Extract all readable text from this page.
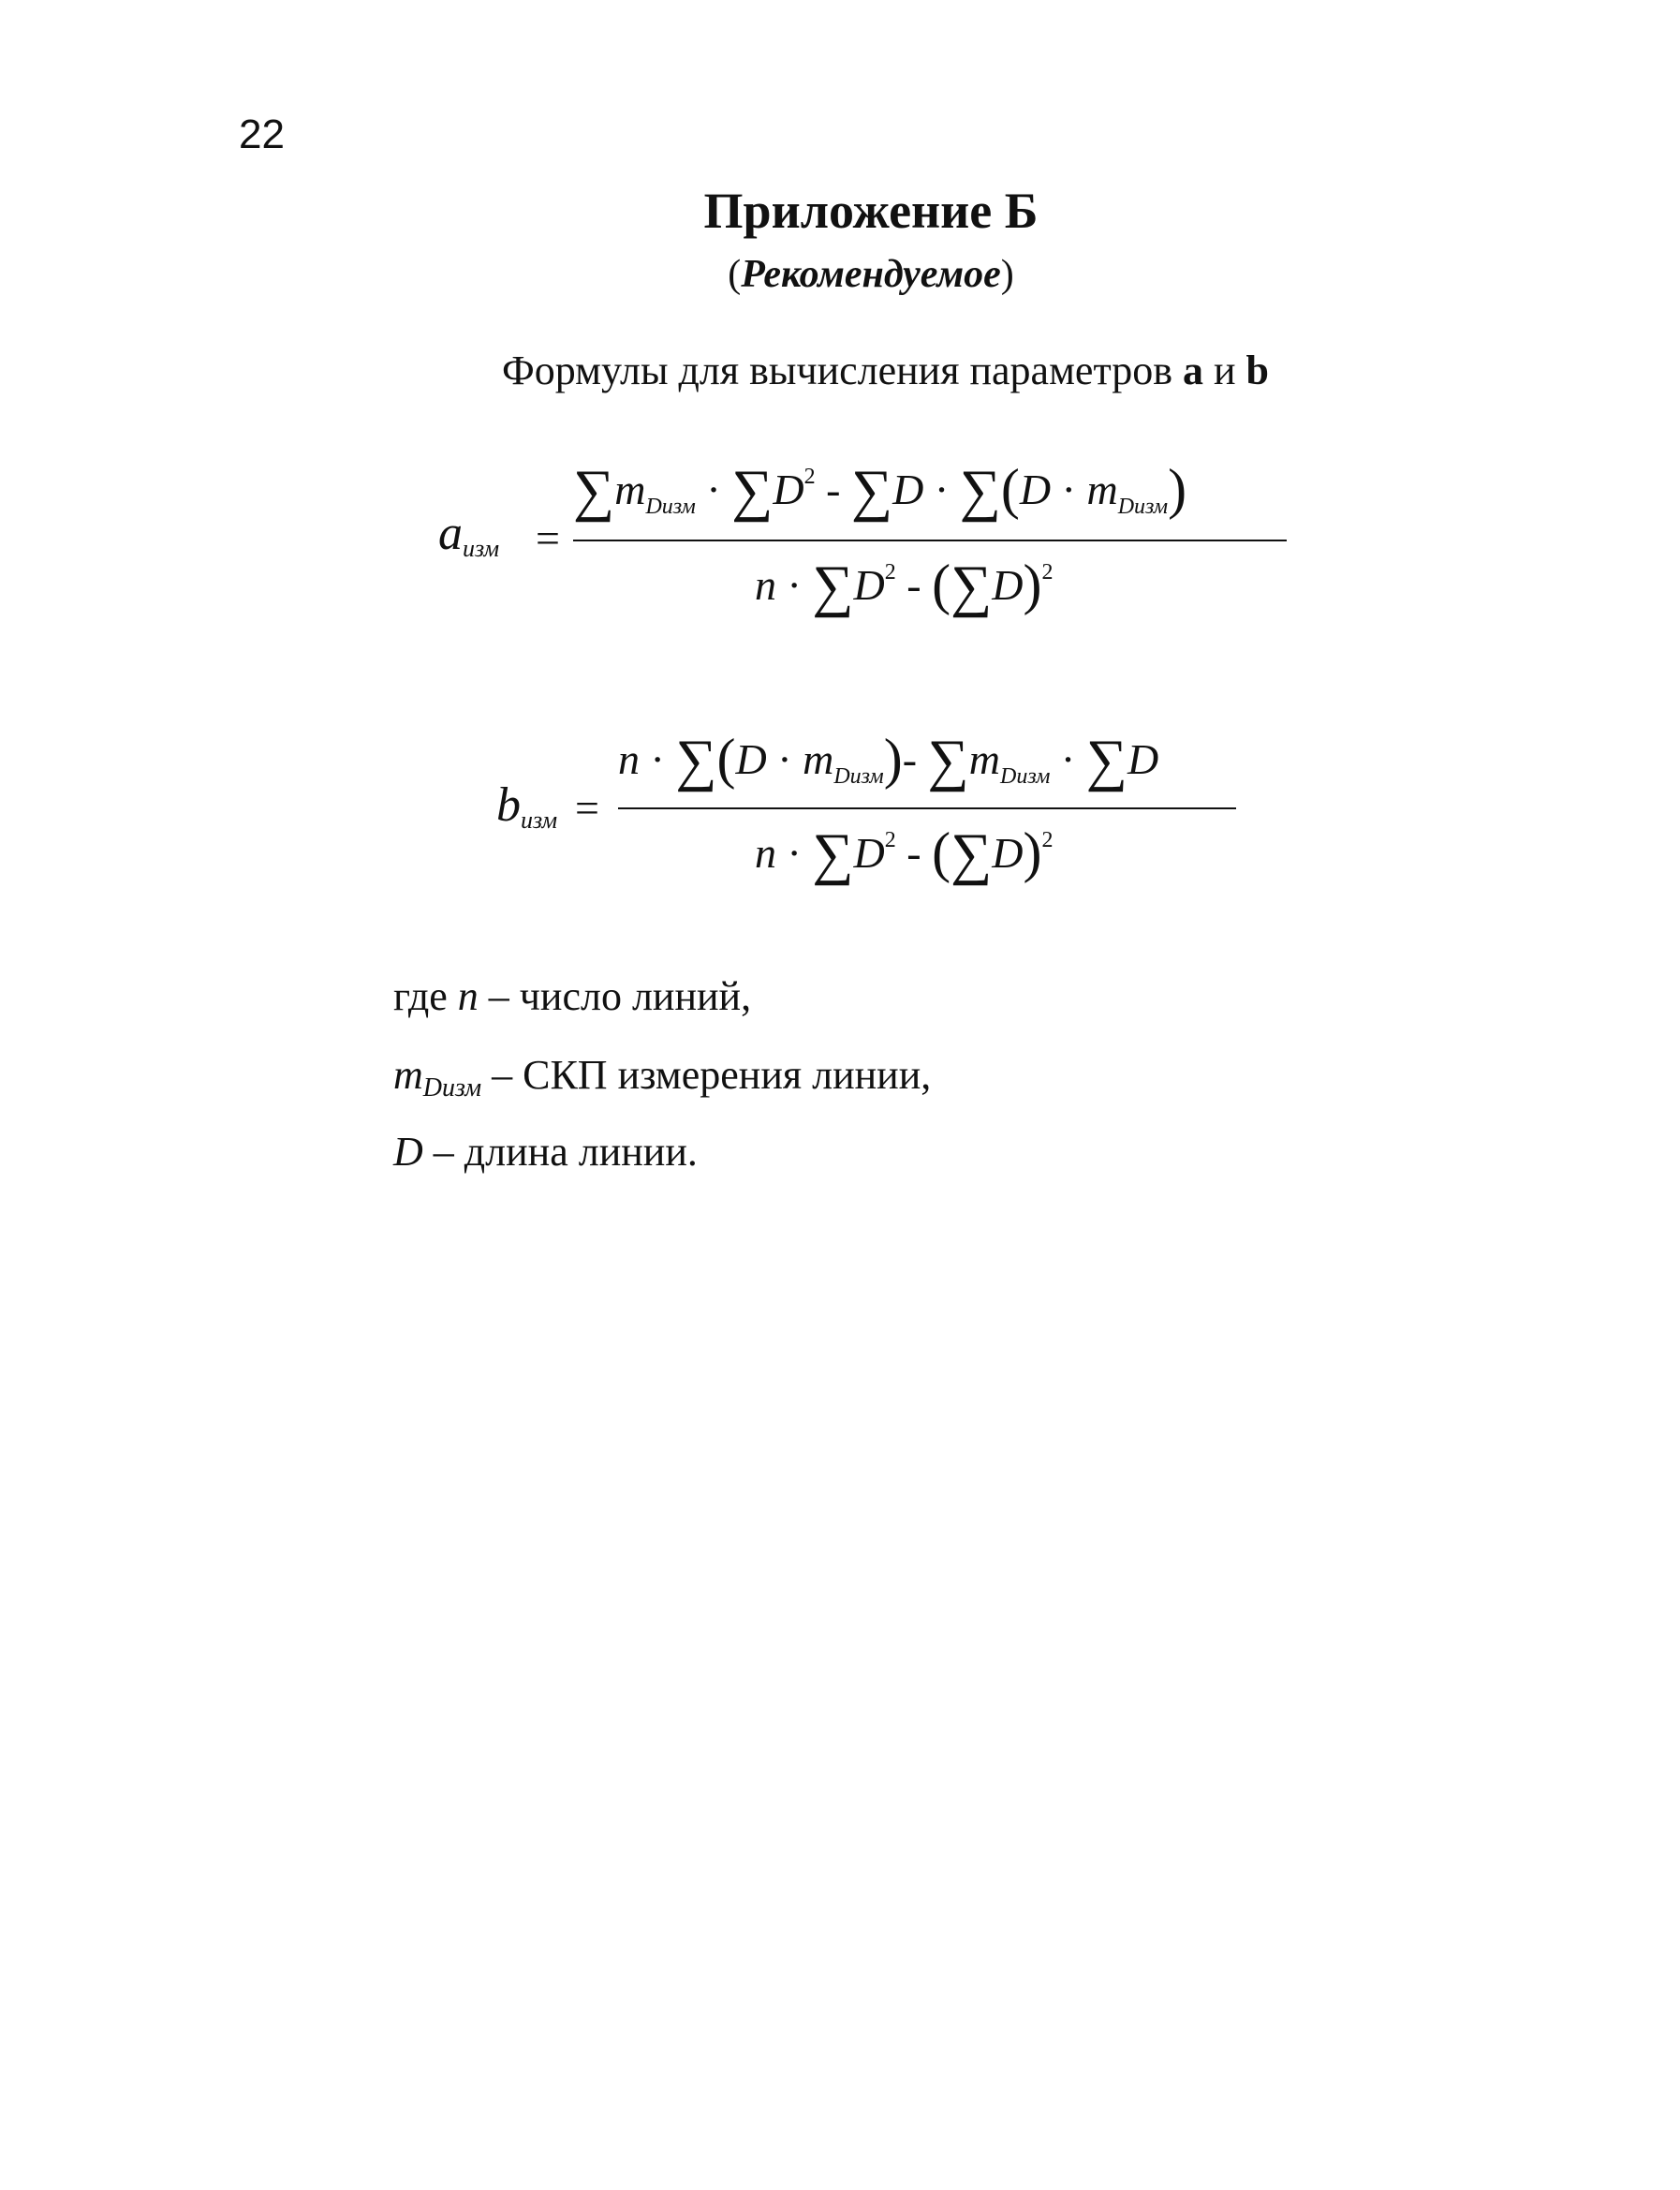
22
Приложение Б
(Рекомендуемое)
Формулы для вычисления параметров a и b
$a_{изм}$ =
$\sum m_{Dизм} \cdot \sum D^2 - \sum D \cdot \sum(D \cdot m_{Dизм})$
$n \cdot \sum D^2 - (\sum D)^2$
$b_{изм}$ =
$n \cdot \sum(D \cdot m_{Dизм})-$ $\sum m_{Dизм} \cdot \sum D$
$n \cdot \sum D^2 - (\sum D)^2$
где n – число линий,
$m_{Dизм}$ – СКП измерения линии,
D – длина линии.
